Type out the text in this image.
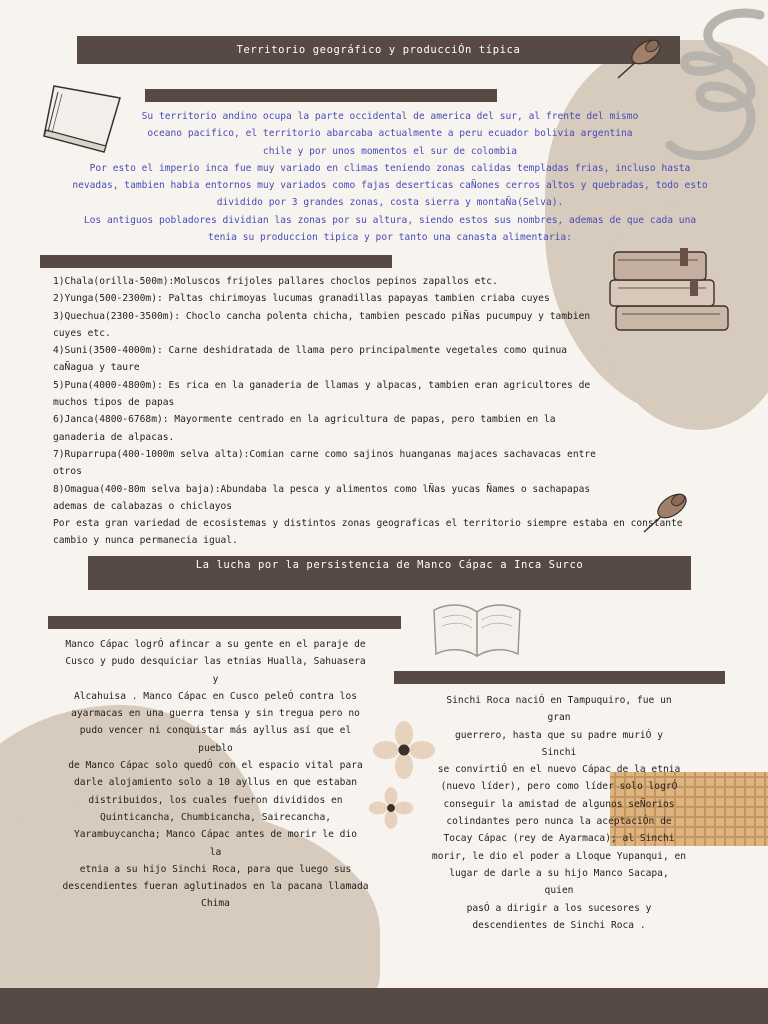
Territorio geográfico y producciÓn típica

Su territorio andino ocupa la parte occidental de america del sur, al frente del mismo oceano pacifico, el territorio abarcaba actualmente a peru ecuador bolivia argentina chile y por unos momentos el sur de colombia

Por esto el imperio inca fue muy variado en climas teniendo zonas calidas templadas frias, incluso hasta nevadas, tambien habia entornos muy variados como fajas deserticas caÑones cerros altos y quebradas, todo esto dividido por 3 grandes zonas, costa sierra y montaÑa(Selva).

Los antiguos pobladores dividian las zonas por su altura, siendo estos sus nombres, ademas de que cada una tenia su produccion tipica y por tanto una canasta alimentaria:

1)Chala(orilla-500m):Moluscos frijoles pallares choclos pepinos zapallos etc.

2)Yunga(500-2300m): Paltas chirimoyas lucumas granadillas papayas tambien criaba cuyes

3)Quechua(2300-3500m): Choclo cancha polenta chicha, tambien pescado piÑas pucumpuy y tambien cuyes etc.

4)Suni(3500-4000m): Carne deshidratada de llama pero principalmente vegetales como quinua caÑagua y taure

5)Puna(4000-4800m): Es rica en la ganaderia de llamas y alpacas, tambien eran agricultores de muchos tipos de papas

6)Janca(4800-6768m): Mayormente centrado en la agricultura de papas, pero tambien en la ganaderia de alpacas.

7)Ruparrupa(400-1000m selva alta):Comian carne como sajinos huanganas majaces sachavacas entre otros

8)Omagua(400-80m selva baja):Abundaba la pesca y alimentos como lÑas yucas Ñames o sachapapas ademas de calabazas o chiclayos

Por esta gran variedad de ecosistemas y distintos zonas geograficas el territorio siempre estaba en constante cambio y nunca permanecia igual.

La lucha por la persistencia de Manco Cápac a Inca Surco

Manco Cápac logrÓ afincar a su gente en el paraje de

Cusco y pudo desquiciar las etnias Hualla, Sahuasera

y

Alcahuisa . Manco Cápac en Cusco peleÓ contra los

ayarmacas en una guerra tensa y sin tregua pero no

pudo vencer ni conquistar más ayllus así que el

pueblo

de Manco Cápac solo quedÓ con el espacio vital para

darle alojamiento solo a 10 ayllus en que estaban

distribuidos, los cuales fueron divididos en

Quinticancha, Chumbicancha, Sairecancha,

Yarambuycancha; Manco Cápac antes de morir le dio

la

etnia a su hijo Sinchi Roca, para que luego sus

descendientes fueran aglutinados en la pacana llamada

Chima

Sinchi Roca naciÓ en Tampuquiro, fue un

gran

guerrero, hasta que su padre muriÓ y

Sinchi

se convirtiÓ en el nuevo Cápac de la etnia

(nuevo líder), pero como líder solo logrÓ

conseguir la amistad de algunos seÑorios

colindantes pero nunca la aceptaciÓn de

Tocay Cápac (rey de Ayarmaca); al Sinchi

morir, le dio el poder a Lloque Yupanqui, en

lugar de darle a su hijo Manco Sacapa,

quien

pasÓ a dirigir a los sucesores y

descendientes de Sinchi Roca .
